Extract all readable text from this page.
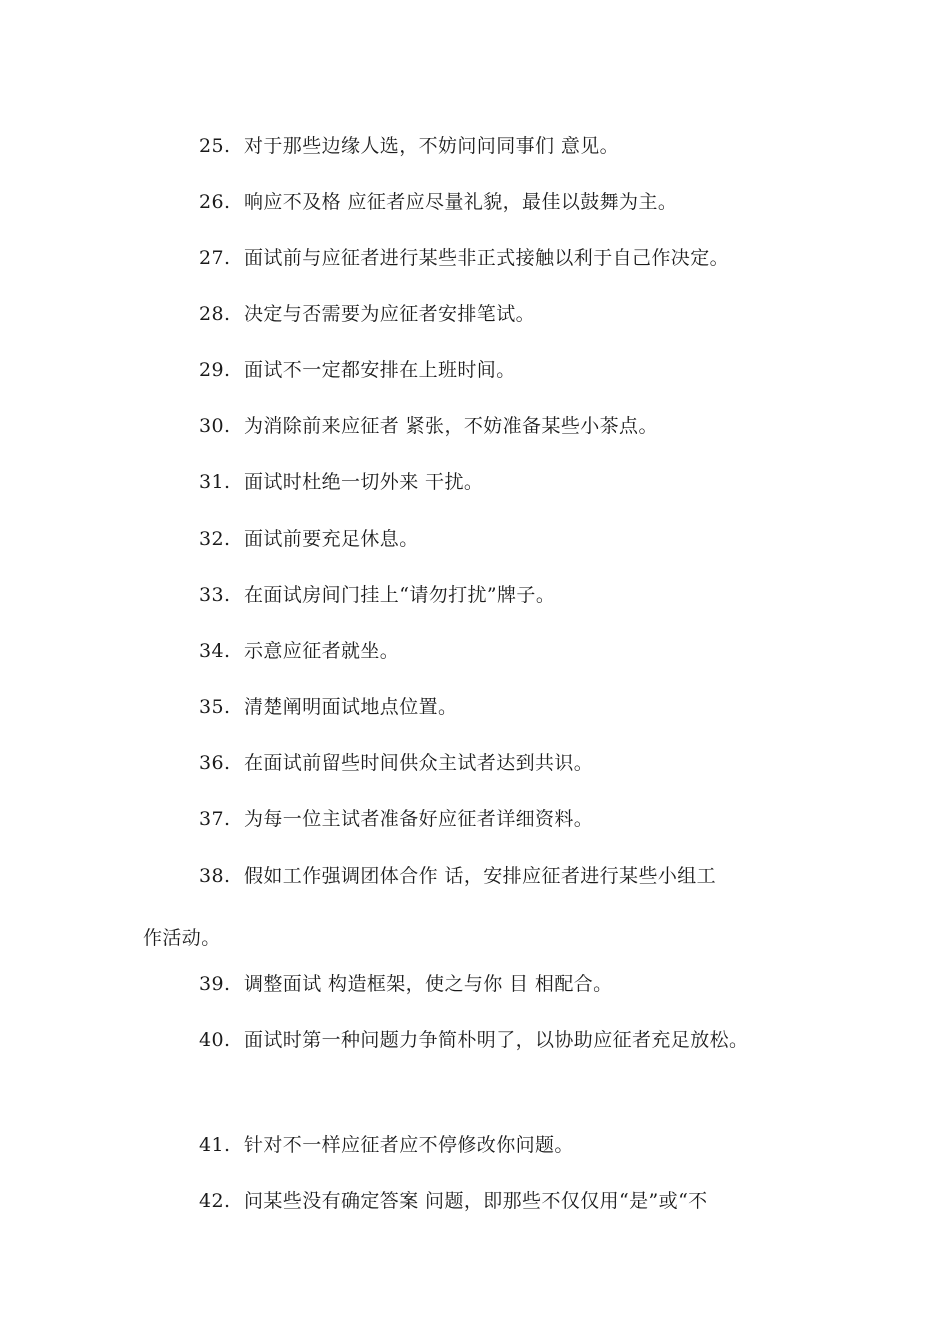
25. 对于那些边缘人选，不妨问问同事们 意见。
26. 响应不及格 应征者应尽量礼貌，最佳以鼓舞为主。
27. 面试前与应征者进行某些非正式接触以利于自己作决定。
28. 决定与否需要为应征者安排笔试。
29. 面试不一定都安排在上班时间。
30. 为消除前来应征者 紧张，不妨准备某些小茶点。
31. 面试时杜绝一切外来 干扰。
32. 面试前要充足休息。
33. 在面试房间门挂上“请勿打扰”牌子。
34. 示意应征者就坐。
35. 清楚阐明面试地点位置。
36. 在面试前留些时间供众主试者达到共识。
37. 为每一位主试者准备好应征者详细资料。
38. 假如工作强调团体合作 话，安排应征者进行某些小组工
作活动。
39. 调整面试 构造框架，使之与你 目 相配合。
40. 面试时第一种问题力争简朴明了，以协助应征者充足放松。
41. 针对不一样应征者应不停修改你问题。
42. 问某些没有确定答案 问题，即那些不仅仅用“是”或“不
